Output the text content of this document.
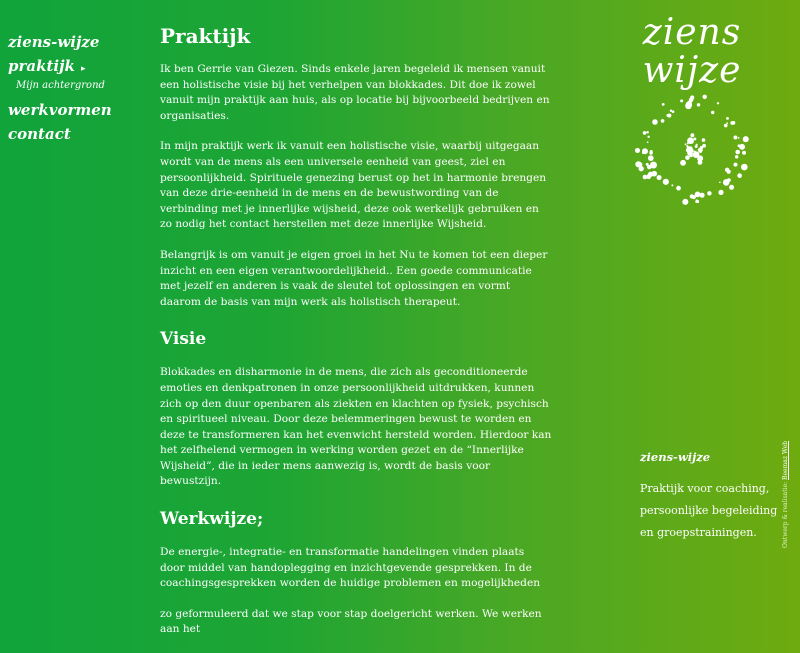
ziens-wijze
praktijk ▸
Mijn achtergrond
werkvormen
contact
Praktijk

Ik ben Gerrie van Giezen. Sinds enkele jaren begeleid ik mensen vanuit een holistische visie bij het verhelpen van blokkades. Dit doe ik zowel vanuit mijn praktijk aan huis, als op locatie bij bijvoorbeeld bedrijven en organisaties.

In mijn praktijk werk ik vanuit een holistische visie, waarbij uitgegaan wordt van de mens als een universele eenheid van geest, ziel en persoonlijkheid. Spirituele genezing berust op het in harmonie brengen van deze drie-eenheid in de mens en de bewustwording van de verbinding met je innerlijke wijsheid, deze ook werkelijk gebruiken en zo nodig het contact herstellen met deze innerlijke Wijsheid.

Belangrijk is om vanuit je eigen groei in het Nu te komen tot een dieper inzicht en een eigen verantwoordelijkheid.. Een goede communicatie met jezelf en anderen is vaak de sleutel tot oplossingen en vormt daarom de basis van mijn werk als holistisch therapeut.

Visie

Blokkades en disharmonie in de mens, die zich als geconditioneerde emoties en denkpatronen in onze persoonlijkheid uitdrukken, kunnen zich op den duur openbaren als ziekten en klachten op fysiek, psychisch en spiritueel niveau. Door deze belemmeringen bewust te worden en deze te transformeren kan het evenwicht hersteld worden. Hierdoor kan het zelfhelend vermogen in werking worden gezet en de “Innerlijke Wijsheid”, die in ieder mens aanwezig is, wordt de basis voor bewustzijn.

Werkwijze;

De energie-, integratie- en transformatie handelingen vinden plaats door middel van handoplegging en inzichtgevende gesprekken. In de coachingsgesprekken worden de huidige problemen en mogelijkheden

zo geformuleerd dat we stap voor stap doelgericht werken. We werken aan het

ziens
wijze
ziens-wijze
Praktijk voor coaching, persoonlijke begeleiding en groepstrainingen.	Ontwerp & realisatie: Beemaz Web
